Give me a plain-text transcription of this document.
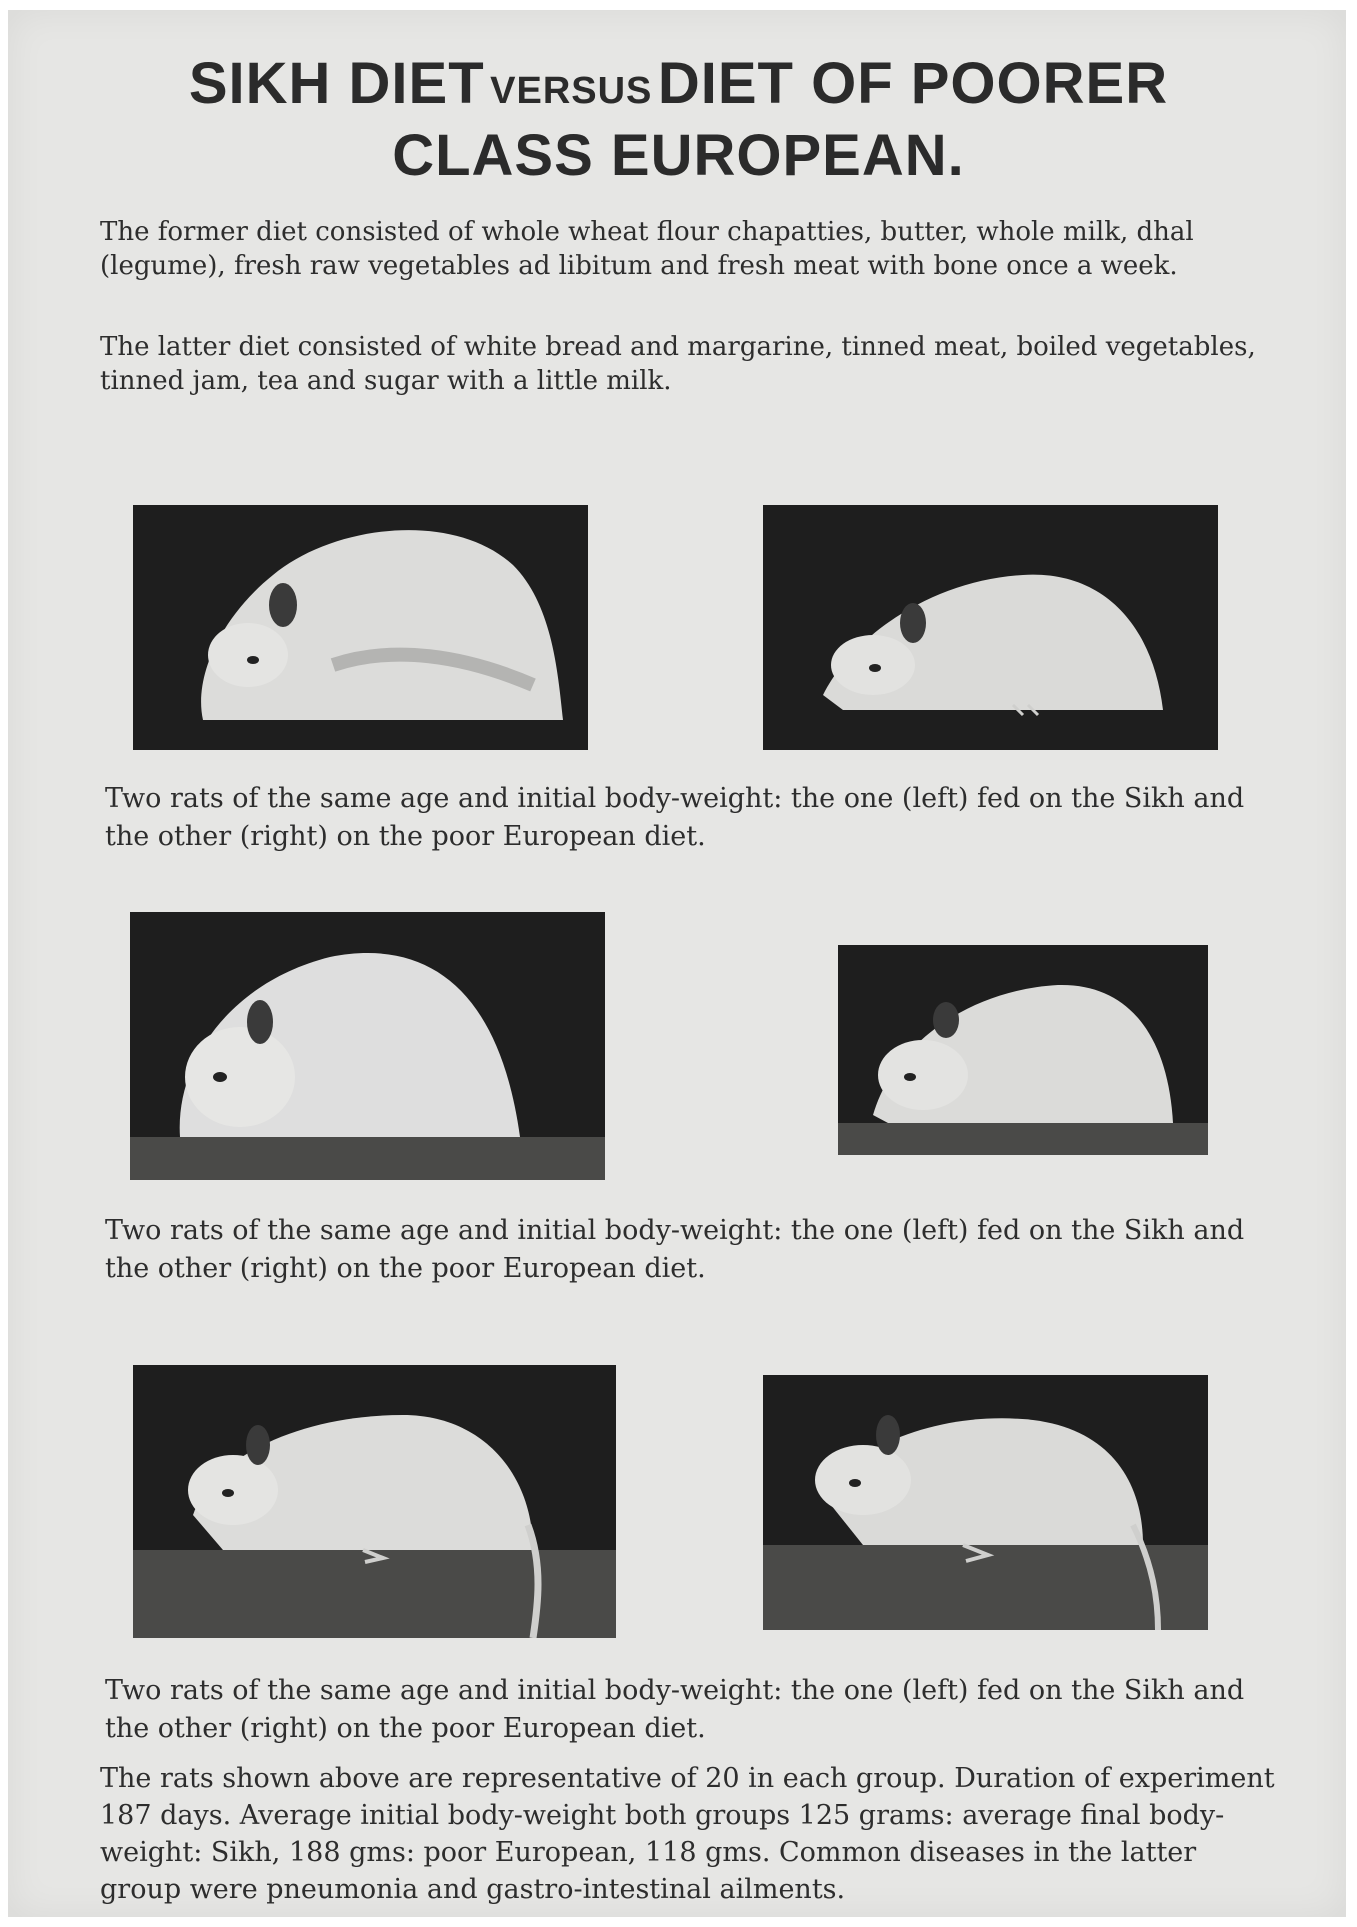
SIKH DIET VERSUS DIET OF POORER
CLASS EUROPEAN.
The former diet consisted of whole wheat flour chapatties, butter, whole milk, dhal (legume), fresh raw vegetables ad libitum and fresh meat with bone once a week.
The latter diet consisted of white bread and margarine, tinned meat, boiled vegetables, tinned jam, tea and sugar with a little milk.
Two rats of the same age and initial body-weight: the one (left) fed on the Sikh and the other (right) on the poor European diet.
Two rats of the same age and initial body-weight: the one (left) fed on the Sikh and the other (right) on the poor European diet.
Two rats of the same age and initial body-weight: the one (left) fed on the Sikh and the other (right) on the poor European diet.
The rats shown above are representative of 20 in each group. Duration of experiment 187 days. Average initial body-weight both groups 125 grams: average final body-weight: Sikh, 188 gms: poor European, 118 gms. Common diseases in the latter group were pneumonia and gastro-intestinal ailments.
